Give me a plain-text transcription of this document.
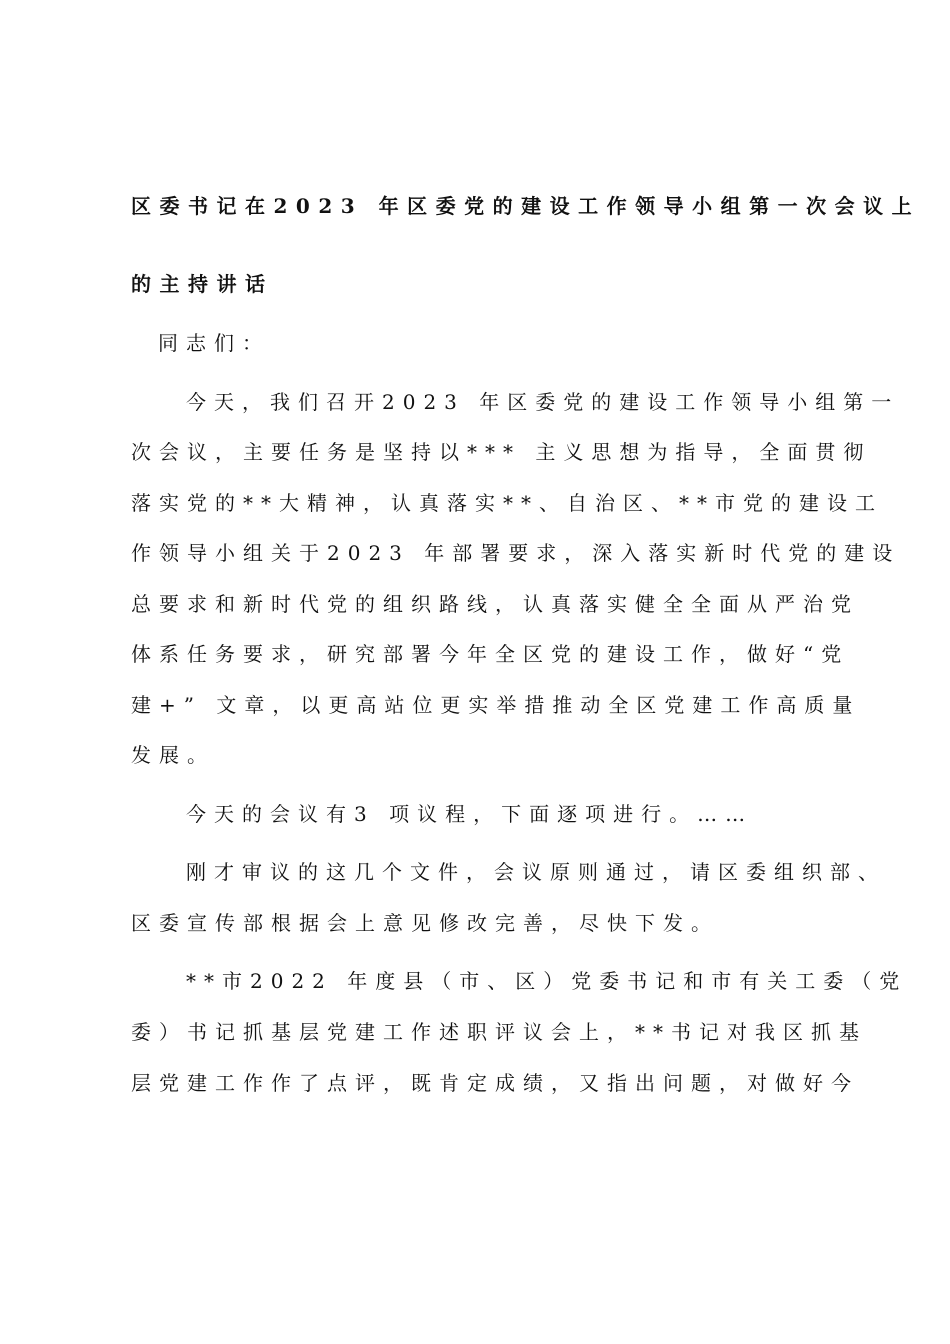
区委书记在2023 年区委党的建设工作领导小组第一次会议上
的主持讲话
同志们：
今天，我们召开2023 年区委党的建设工作领导小组第一
次会议，主要任务是坚持以*** 主义思想为指导，全面贯彻
落实党的**大精神，认真落实**、自治区、**市党的建设工
作领导小组关于2023 年部署要求，深入落实新时代党的建设
总要求和新时代党的组织路线，认真落实健全全面从严治党
体系任务要求，研究部署今年全区党的建设工作，做好“党
建+” 文章，以更高站位更实举措推动全区党建工作高质量
发展。
今天的会议有3 项议程，下面逐项进行。……
刚才审议的这几个文件，会议原则通过，请区委组织部、
区委宣传部根据会上意见修改完善，尽快下发。
**市2022 年度县（市、区）党委书记和市有关工委（党
委）书记抓基层党建工作述职评议会上，**书记对我区抓基
层党建工作作了点评，既肯定成绩，又指出问题，对做好今
